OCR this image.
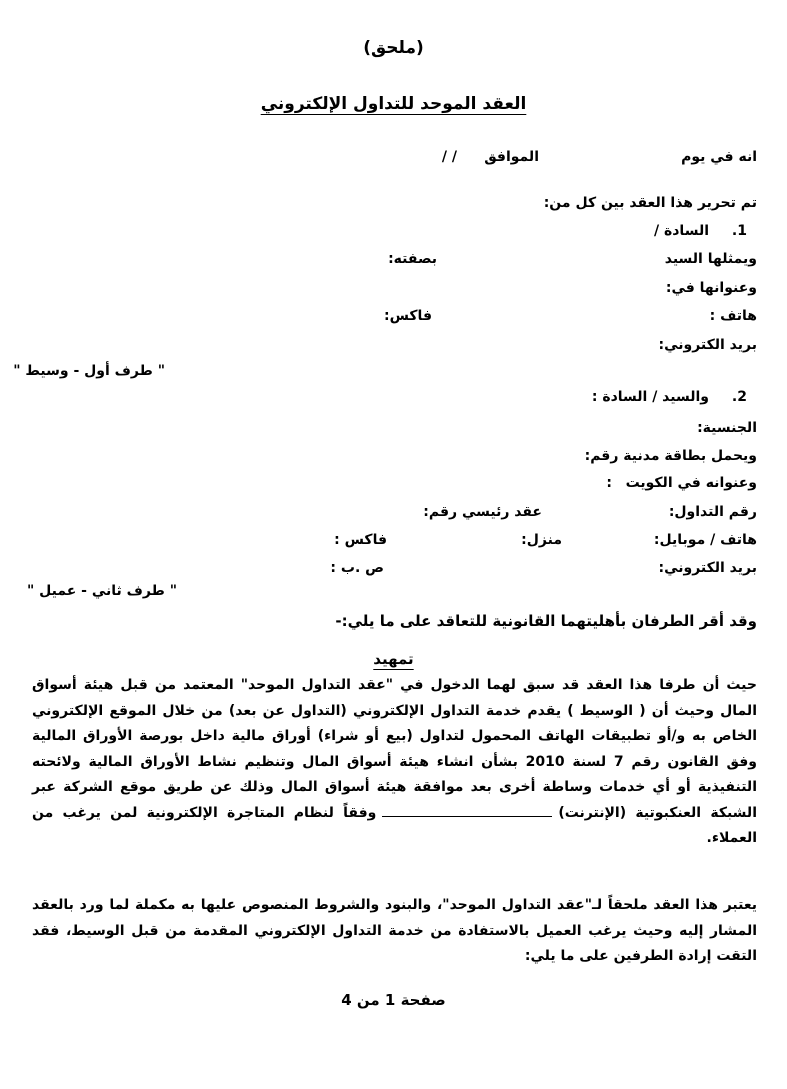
(ملحق)
العقد الموحد للتداول الإلكتروني
انه في يوم
الموافق
/ /
تم تحرير هذا العقد بين كل من:
1.
السادة /
ويمثلها السيد
بصفته:
وعنوانها في:
هاتف :
فاكس:
بريد الكتروني:
" طرف أول - وسيط "
2.
والسيد / السادة :
الجنسية:
ويحمل بطاقة مدنية رقم:
وعنوانه في الكويت
:
رقم التداول:
عقد رئيسي رقم:
هاتف / موبايل:
منزل:
فاكس :
بريد الكتروني:
ص .ب :
" طرف ثاني - عميل "
وقد أقر الطرفان بأهليتهما القانونية للتعاقد على ما يلي:-
تمهيد
حيث أن طرفا هذا العقد قد سبق لهما الدخول في "عقد التداول الموحد" المعتمد من قبل هيئة أسواق المال وحيث أن ( الوسيط ) يقدم خدمة التداول الإلكتروني (التداول عن بعد) من خلال الموقع الإلكتروني الخاص به و/أو تطبيقات الهاتف المحمول لتداول (بيع أو شراء) أوراق مالية داخل بورصة الأوراق المالية وفق القانون رقم 7 لسنة 2010 بشأن انشاء هيئة أسواق المال وتنظيم نشاط الأوراق المالية ولائحته التنفيذية أو أي خدمات وساطة أخرى بعد موافقة هيئة أسواق المال وذلك عن طريق موقع الشركة عبر الشبكة العنكبوتية (الإنترنت)وفقاً لنظام المتاجرة الإلكترونية لمن يرغب من العملاء.
يعتبر هذا العقد ملحقاً لـ"عقد التداول الموحد"، والبنود والشروط المنصوص عليها به مكملة لما ورد بالعقد المشار إليه وحيث يرغب العميل بالاستفادة من خدمة التداول الإلكتروني المقدمة من قبل الوسيط، فقد التقت إرادة الطرفين على ما يلي:
صفحة 1 من 4
